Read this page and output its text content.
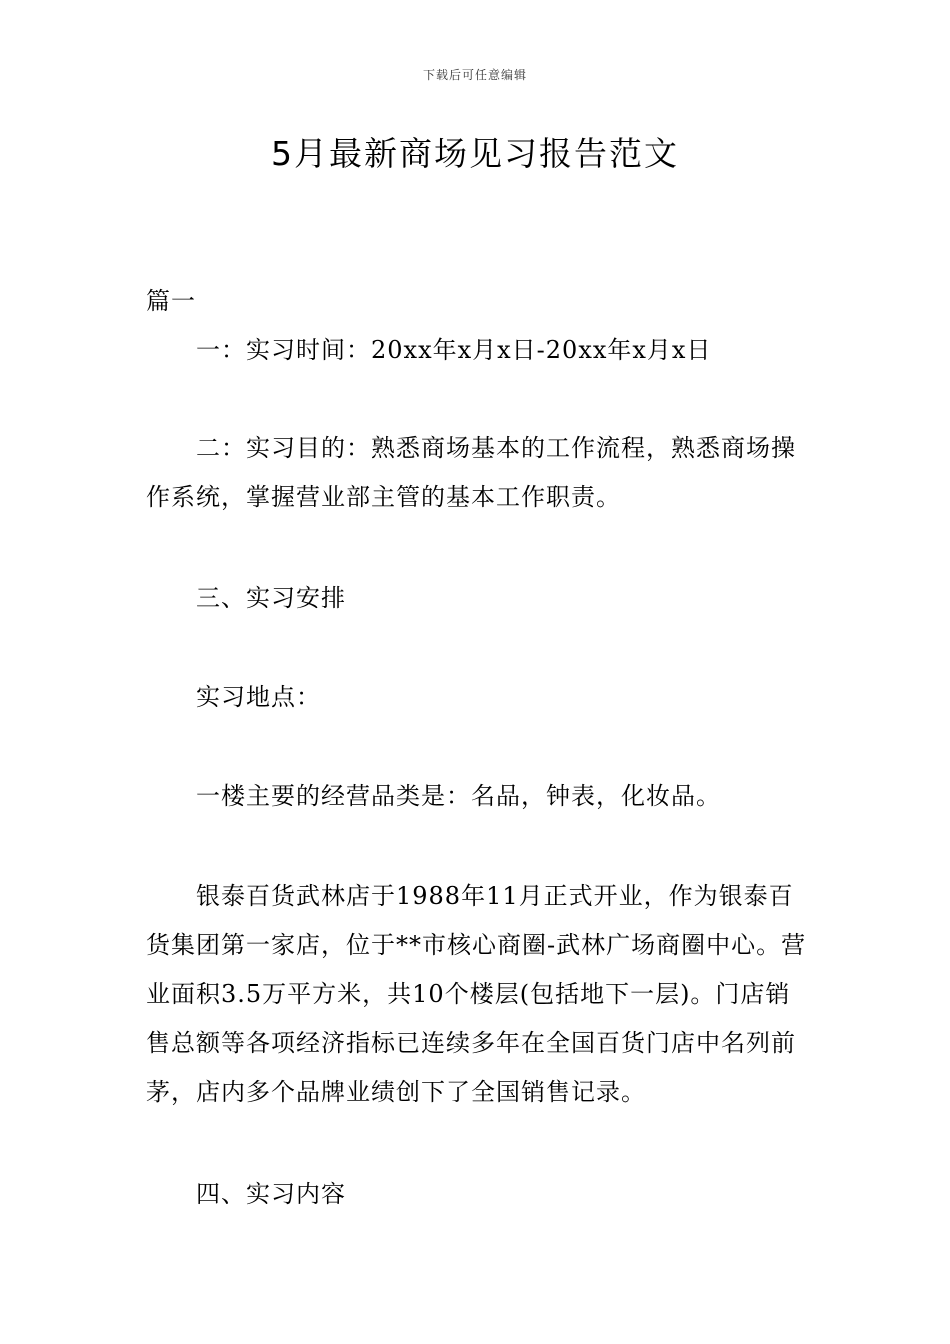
下载后可任意编辑
5月最新商场见习报告范文

篇一

一：实习时间：20xx年x月x日-20xx年x月x日

二：实习目的：熟悉商场基本的工作流程，熟悉商场操作系统，掌握营业部主管的基本工作职责。

三、实习安排

实习地点：

一楼主要的经营品类是：名品，钟表，化妆品。

银泰百货武林店于1988年11月正式开业，作为银泰百货集团第一家店，位于**市核心商圈-武林广场商圈中心。营业面积3.5万平方米，共10个楼层(包括地下一层)。门店销售总额等各项经济指标已连续多年在全国百货门店中名列前茅，店内多个品牌业绩创下了全国销售记录。

四、实习内容
